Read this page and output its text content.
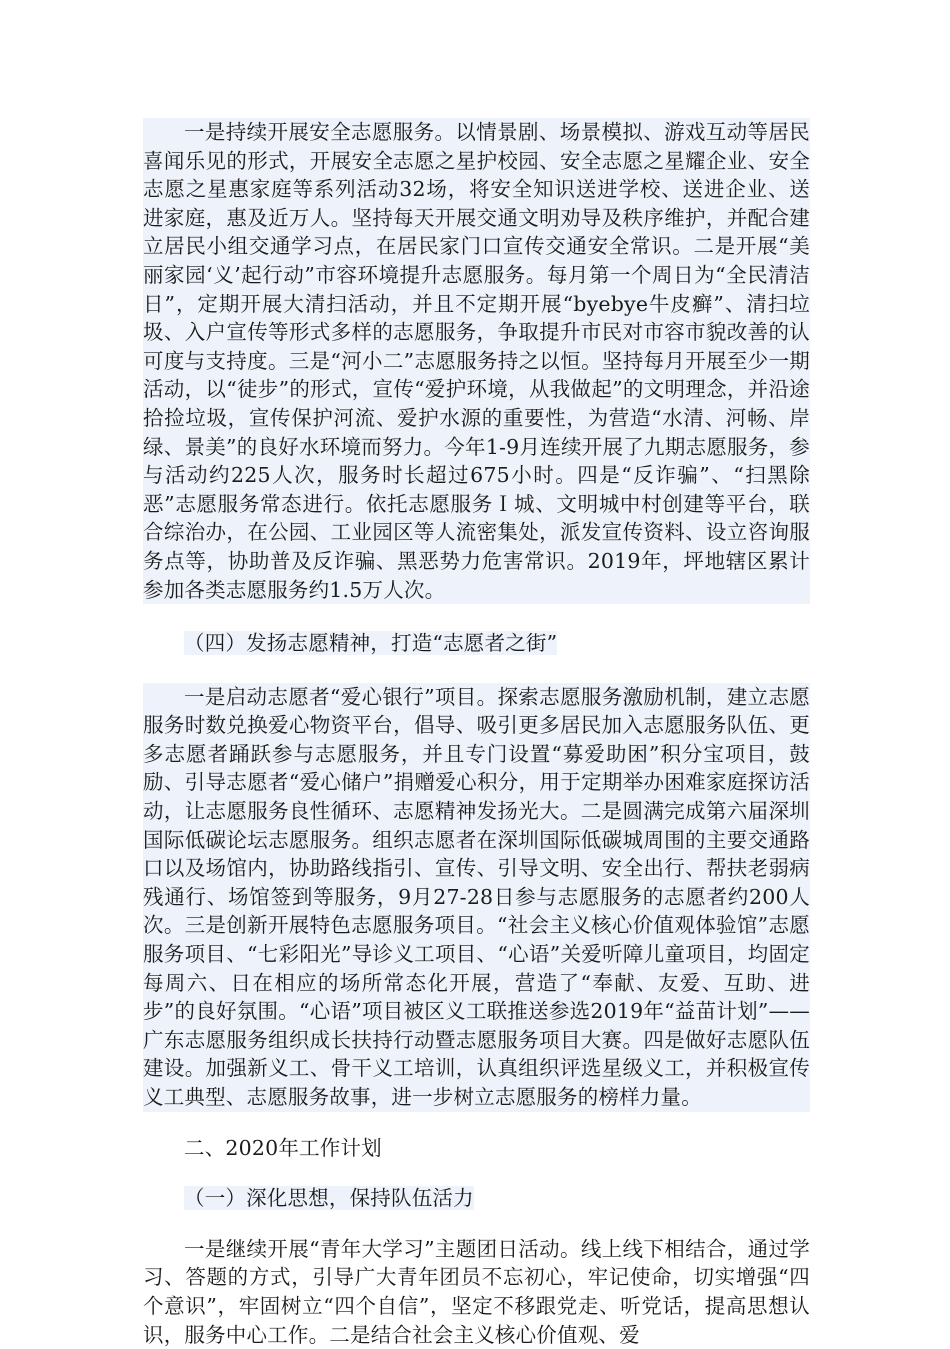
一是持续开展安全志愿服务。以情景剧、场景模拟、游戏互动等居民喜闻乐见的形式，开展安全志愿之星护校园、安全志愿之星耀企业、安全志愿之星惠家庭等系列活动32场，将安全知识送进学校、送进企业、送进家庭，惠及近万人。坚持每天开展交通文明劝导及秩序维护，并配合建立居民小组交通学习点，在居民家门口宣传交通安全常识。二是开展“美丽家园‘义’起行动”市容环境提升志愿服务。每月第一个周日为“全民清洁日”，定期开展大清扫活动，并且不定期开展“byebye牛皮癣”、清扫垃圾、入户宣传等形式多样的志愿服务，争取提升市民对市容市貌改善的认可度与支持度。三是“河小二”志愿服务持之以恒。坚持每月开展至少一期活动，以“徒步”的形式，宣传“爱护环境，从我做起”的文明理念，并沿途拾捡垃圾，宣传保护河流、爱护水源的重要性，为营造“水清、河畅、岸绿、景美”的良好水环境而努力。今年1-9月连续开展了九期志愿服务，参与活动约225人次，服务时长超过675小时。四是“反诈骗”、“扫黑除恶”志愿服务常态进行。依托志愿服务Ｉ城、文明城中村创建等平台，联合综治办，在公园、工业园区等人流密集处，派发宣传资料、设立咨询服务点等，协助普及反诈骗、黑恶势力危害常识。2019年，坪地辖区累计参加各类志愿服务约1.5万人次。

（四）发扬志愿精神，打造“志愿者之街”

一是启动志愿者“爱心银行”项目。探索志愿服务激励机制，建立志愿服务时数兑换爱心物资平台，倡导、吸引更多居民加入志愿服务队伍、更多志愿者踊跃参与志愿服务，并且专门设置“募爱助困”积分宝项目，鼓励、引导志愿者“爱心储户”捐赠爱心积分，用于定期举办困难家庭探访活动，让志愿服务良性循环、志愿精神发扬光大。二是圆满完成第六届深圳国际低碳论坛志愿服务。组织志愿者在深圳国际低碳城周围的主要交通路口以及场馆内，协助路线指引、宣传、引导文明、安全出行、帮扶老弱病残通行、场馆签到等服务，9月27-28日参与志愿服务的志愿者约200人次。三是创新开展特色志愿服务项目。“社会主义核心价值观体验馆”志愿服务项目、“七彩阳光”导诊义工项目、“心语”关爱听障儿童项目，均固定每周六、日在相应的场所常态化开展，营造了“奉献、友爱、互助、进步”的良好氛围。“心语”项目被区义工联推送参选2019年“益苗计划”——广东志愿服务组织成长扶持行动暨志愿服务项目大赛。四是做好志愿队伍建设。加强新义工、骨干义工培训，认真组织评选星级义工，并积极宣传义工典型、志愿服务故事，进一步树立志愿服务的榜样力量。

二、2020年工作计划

（一）深化思想，保持队伍活力

一是继续开展“青年大学习”主题团日活动。线上线下相结合，通过学习、答题的方式，引导广大青年团员不忘初心，牢记使命，切实增强“四个意识”，牢固树立“四个自信”，坚定不移跟党走、听党话，提高思想认识，服务中心工作。二是结合社会主义核心价值观、爱
